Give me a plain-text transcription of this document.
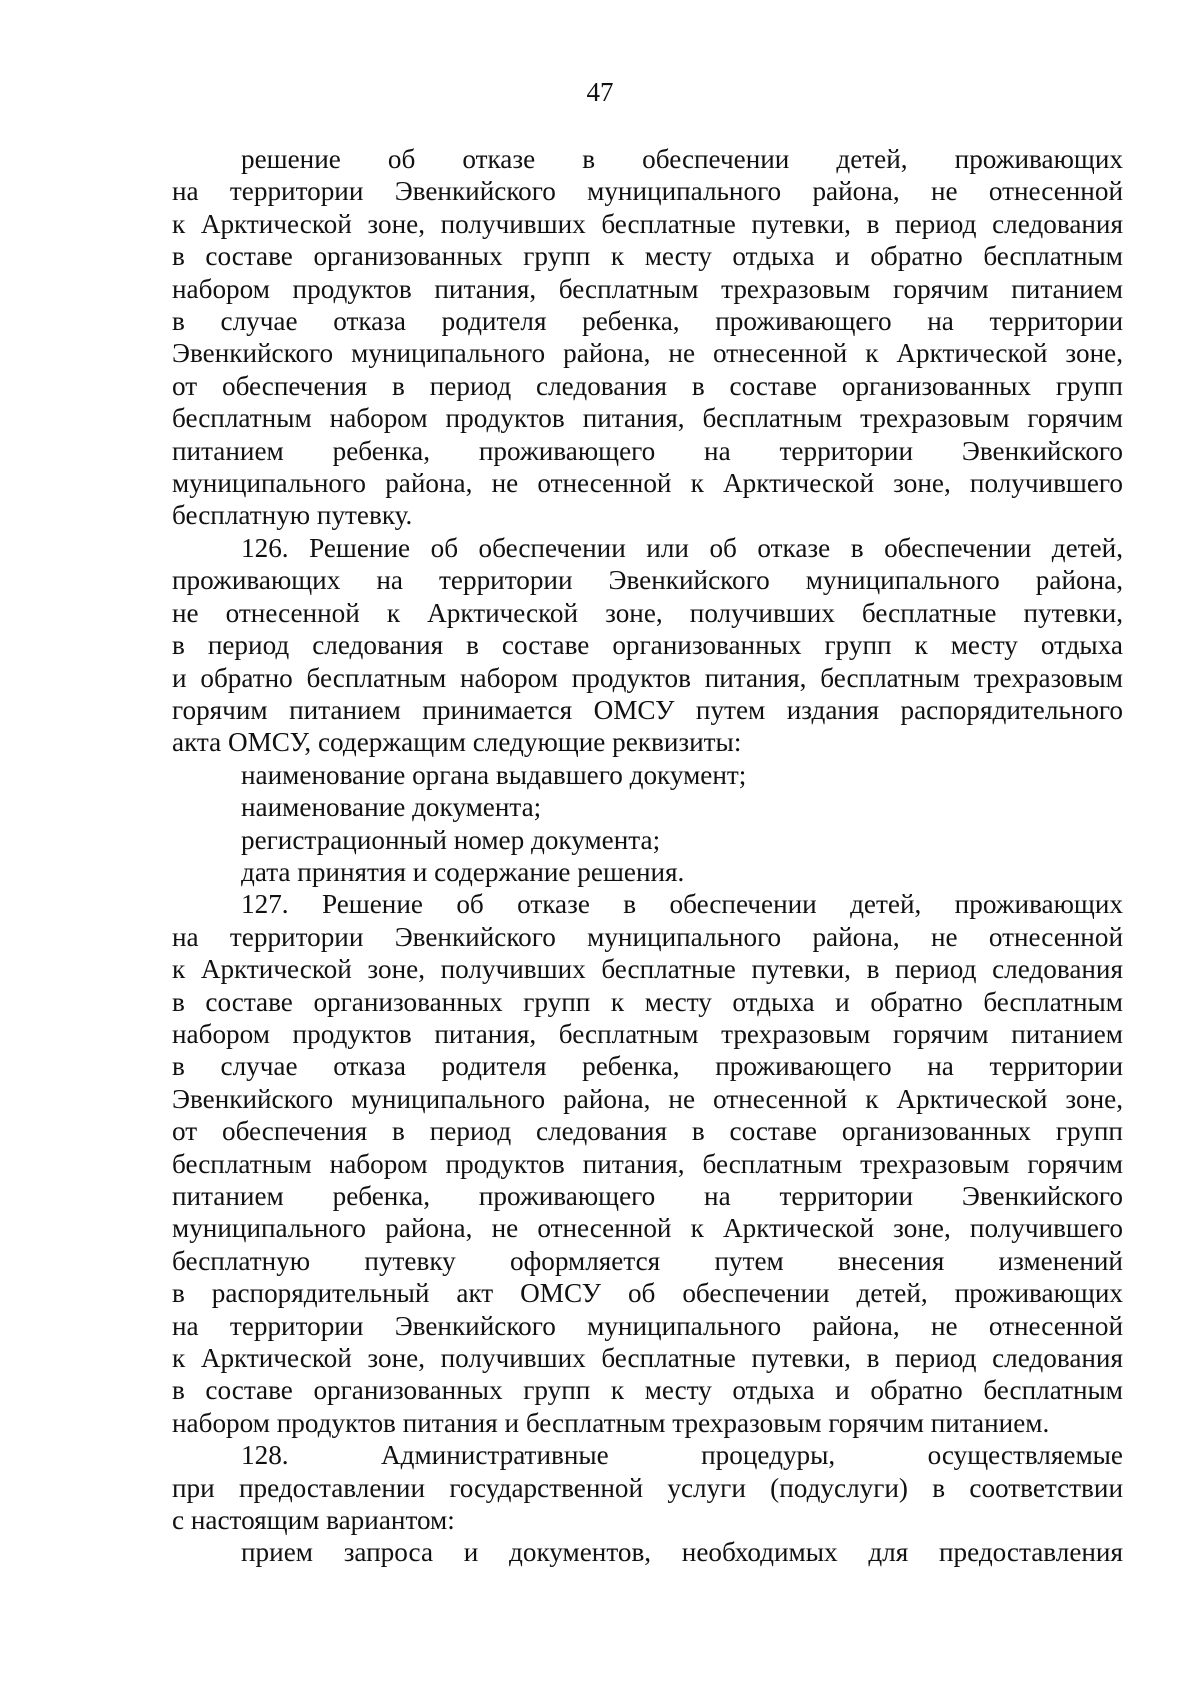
47
решение об отказе в обеспечении детей, проживающих
на территории Эвенкийского муниципального района, не отнесенной
к Арктической зоне, получивших бесплатные путевки, в период следования
в составе организованных групп к месту отдыха и обратно бесплатным
набором продуктов питания, бесплатным трехразовым горячим питанием
в случае отказа родителя ребенка, проживающего на территории
Эвенкийского муниципального района, не отнесенной к Арктической зоне,
от обеспечения в период следования в составе организованных групп
бесплатным набором продуктов питания, бесплатным трехразовым горячим
питанием ребенка, проживающего на территории Эвенкийского
муниципального района, не отнесенной к Арктической зоне, получившего
бесплатную путевку.
126. Решение об обеспечении или об отказе в обеспечении детей,
проживающих на территории Эвенкийского муниципального района,
не отнесенной к Арктической зоне, получивших бесплатные путевки,
в период следования в составе организованных групп к месту отдыха
и обратно бесплатным набором продуктов питания, бесплатным трехразовым
горячим питанием принимается ОМСУ путем издания распорядительного
акта ОМСУ, содержащим следующие реквизиты:
наименование органа выдавшего документ;
наименование документа;
регистрационный номер документа;
дата принятия и содержание решения.
127. Решение об отказе в обеспечении детей, проживающих
на территории Эвенкийского муниципального района, не отнесенной
к Арктической зоне, получивших бесплатные путевки, в период следования
в составе организованных групп к месту отдыха и обратно бесплатным
набором продуктов питания, бесплатным трехразовым горячим питанием
в случае отказа родителя ребенка, проживающего на территории
Эвенкийского муниципального района, не отнесенной к Арктической зоне,
от обеспечения в период следования в составе организованных групп
бесплатным набором продуктов питания, бесплатным трехразовым горячим
питанием ребенка, проживающего на территории Эвенкийского
муниципального района, не отнесенной к Арктической зоне, получившего
бесплатную путевку оформляется путем внесения изменений
в распорядительный акт ОМСУ об обеспечении детей, проживающих
на территории Эвенкийского муниципального района, не отнесенной
к Арктической зоне, получивших бесплатные путевки, в период следования
в составе организованных групп к месту отдыха и обратно бесплатным
набором продуктов питания и бесплатным трехразовым горячим питанием.
128. Административные процедуры, осуществляемые
при предоставлении государственной услуги (подуслуги) в соответствии
с настоящим вариантом:
прием запроса и документов, необходимых для предоставления
